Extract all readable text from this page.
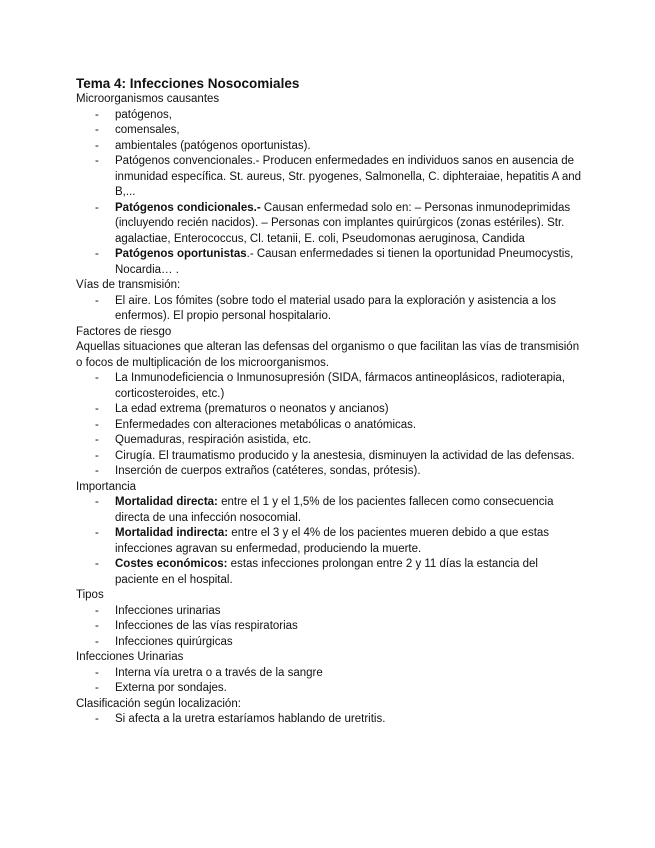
Tema 4: Infecciones Nosocomiales
Microorganismos causantes
- patógenos,
- comensales,
- ambientales (patógenos oportunistas).
- Patógenos convencionales.- Producen enfermedades en individuos sanos en ausencia de inmunidad específica. St. aureus, Str. pyogenes, Salmonella, C. diphteraiae, hepatitis A and B,...
- Patógenos condicionales.- Causan enfermedad solo en: – Personas inmunodeprimidas (incluyendo recién nacidos). – Personas con implantes quirúrgicos (zonas estériles). Str. agalactiae, Enterococcus, Cl. tetanii, E. coli, Pseudomonas aeruginosa, Candida
- Patógenos oportunistas.- Causan enfermedades si tienen la oportunidad Pneumocystis, Nocardia… .
Vías de transmisión:
- El aire. Los fómites (sobre todo el material usado para la exploración y asistencia a los enfermos). El propio personal hospitalario.
Factores de riesgo
Aquellas situaciones que alteran las defensas del organismo o que facilitan las vías de transmisión o focos de multiplicación de los microorganismos.
- La Inmunodeficiencia o Inmunosupresión (SIDA, fármacos antineoplásicos, radioterapia, corticosteroides, etc.)
- La edad extrema (prematuros o neonatos y ancianos)
- Enfermedades con alteraciones metabólicas o anatómicas.
- Quemaduras, respiración asistida, etc.
- Cirugía. El traumatismo producido y la anestesia, disminuyen la actividad de las defensas.
- Inserción de cuerpos extraños (catéteres, sondas, prótesis).
Importancia
- Mortalidad directa: entre el 1 y el 1,5% de los pacientes fallecen como consecuencia directa de una infección nosocomial.
- Mortalidad indirecta: entre el 3 y el 4% de los pacientes mueren debido a que estas infecciones agravan su enfermedad, produciendo la muerte.
- Costes económicos: estas infecciones prolongan entre 2 y 11 días la estancia del paciente en el hospital.
Tipos
- Infecciones urinarias
- Infecciones de las vías respiratorias
- Infecciones quirúrgicas
Infecciones Urinarias
- Interna vía uretra o a través de la sangre
- Externa por sondajes.
Clasificación según localización:
- Si afecta a la uretra estaríamos hablando de uretritis.
